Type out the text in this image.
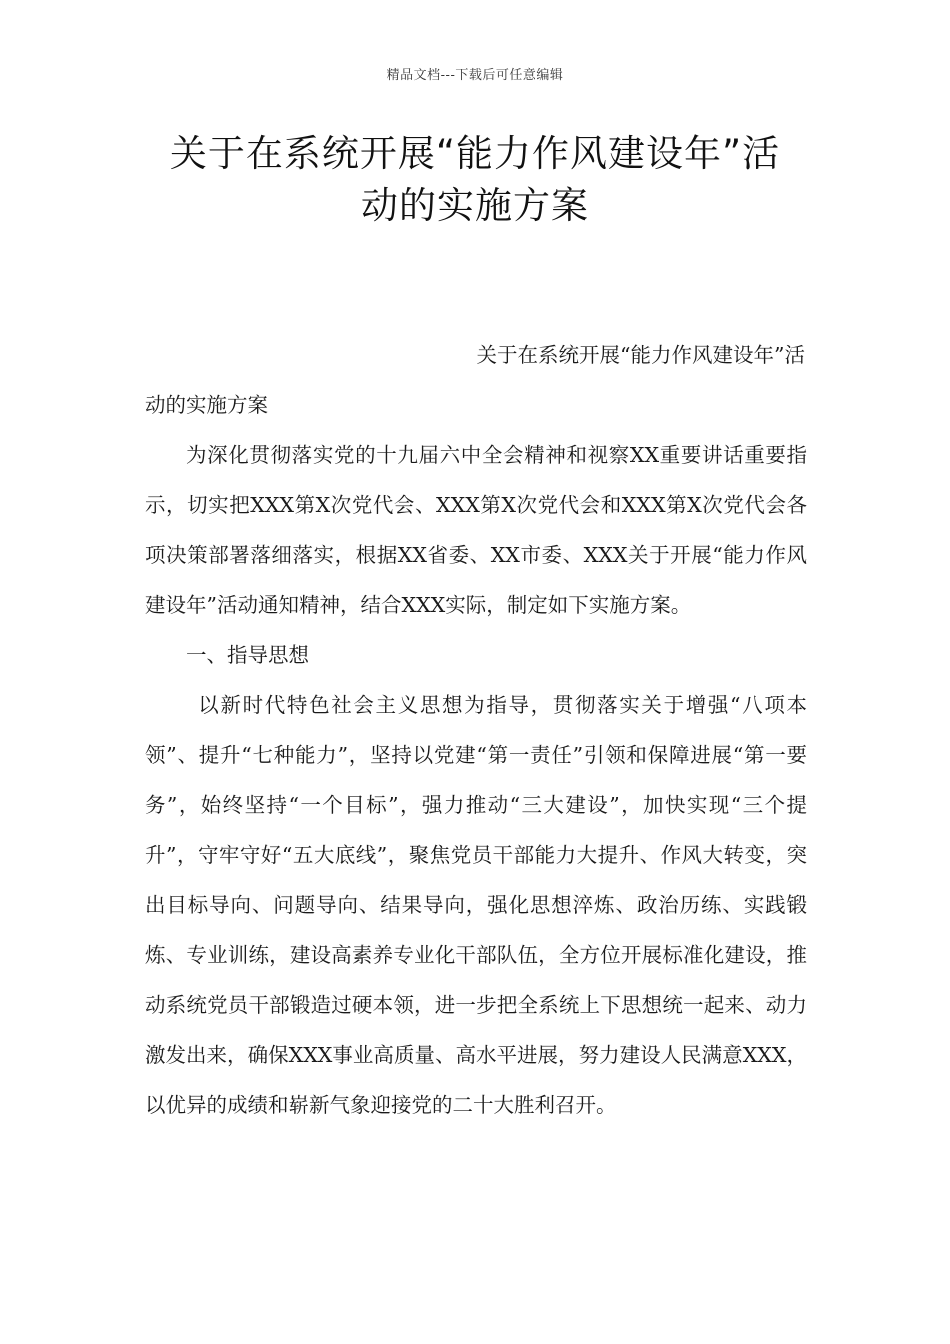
精品文档---下载后可任意编辑
关于在系统开展“能力作风建设年”活
动的实施方案

关于在系统开展“能力作风建设年”活

动的实施方案

为深化贯彻落实党的十九届六中全会精神和视察XX重要讲话重要指示，切实把XXX第X次党代会、XXX第X次党代会和XXX第X次党代会各项决策部署落细落实，根据XX省委、XX市委、XXX关于开展“能力作风建设年”活动通知精神，结合XXX实际，制定如下实施方案。

一、指导思想

以新时代特色社会主义思想为指导，贯彻落实关于增强“八项本领”、提升“七种能力”，坚持以党建“第一责任”引领和保障进展“第一要务”，始终坚持“一个目标”，强力推动“三大建设”，加快实现“三个提升”，守牢守好“五大底线”，聚焦党员干部能力大提升、作风大转变，突出目标导向、问题导向、结果导向，强化思想淬炼、政治历练、实践锻炼、专业训练，建设高素养专业化干部队伍，全方位开展标准化建设，推动系统党员干部锻造过硬本领，进一步把全系统上下思想统一起来、动力激发出来，确保XXX事业高质量、高水平进展，努力建设人民满意XXX，以优异的成绩和崭新气象迎接党的二十大胜利召开。
